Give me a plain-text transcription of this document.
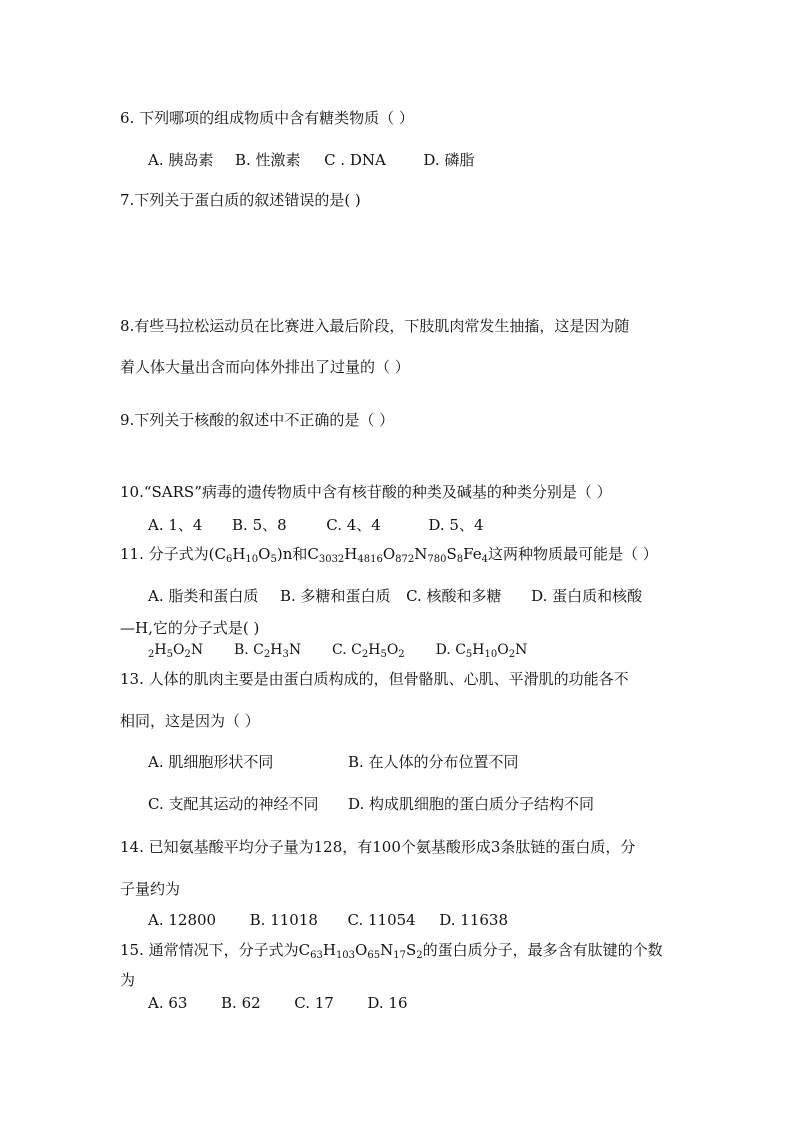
6. 下列哪项的组成物质中含有糖类物质（ ）
A. 胰岛素 B. 性激素 C . DNA	D. 磷脂
7.下列关于蛋白质的叙述错误的是( )
8.有些马拉松运动员在比赛进入最后阶段，下肢肌肉常发生抽搐，这是因为随
着人体大量出含而向体外排出了过量的（ ）
9.下列关于核酸的叙述中不正确的是（ ）
10.“SARS”病毒的遗传物质中含有核苷酸的种类及碱基的种类分别是（ ）
A. 1、4 B. 5、8	C. 4、4	D. 5、4
11. 分子式为$(C_6H_{10}O_5)n$和$C_{3032}H_{4816}O_{872}N_{780}S_8Fe_4$这两种物质最可能是（ ）
A. 脂类和蛋白质 B. 多糖和蛋白质 C. 核酸和多糖 D. 蛋白质和核酸
—H,它的分子式是( )
$_2H_5O_2N$ B. $C_2H_3N$ C. $C_2H_5O_2$ D. $C_5H_{10}O_2N$
13. 人体的肌肉主要是由蛋白质构成的，但骨骼肌、心肌、平滑肌的功能各不
相同，这是因为（ ）
A. 肌细胞形状不同	B. 在人体的分布位置不同
C. 支配其运动的神经不同 D. 构成肌细胞的蛋白质分子结构不同
14. 已知氨基酸平均分子量为128，有100个氨基酸形成3条肽链的蛋白质，分
子量约为
A. 12800 B. 11018 C. 11054 D. 11638
15. 通常情况下，分子式为$C_{63}H_{103}O_{65}N_{17}S_2$的蛋白质分子，最多含有肽键的个数
为
A. 63 B. 62 C. 17 D. 16
